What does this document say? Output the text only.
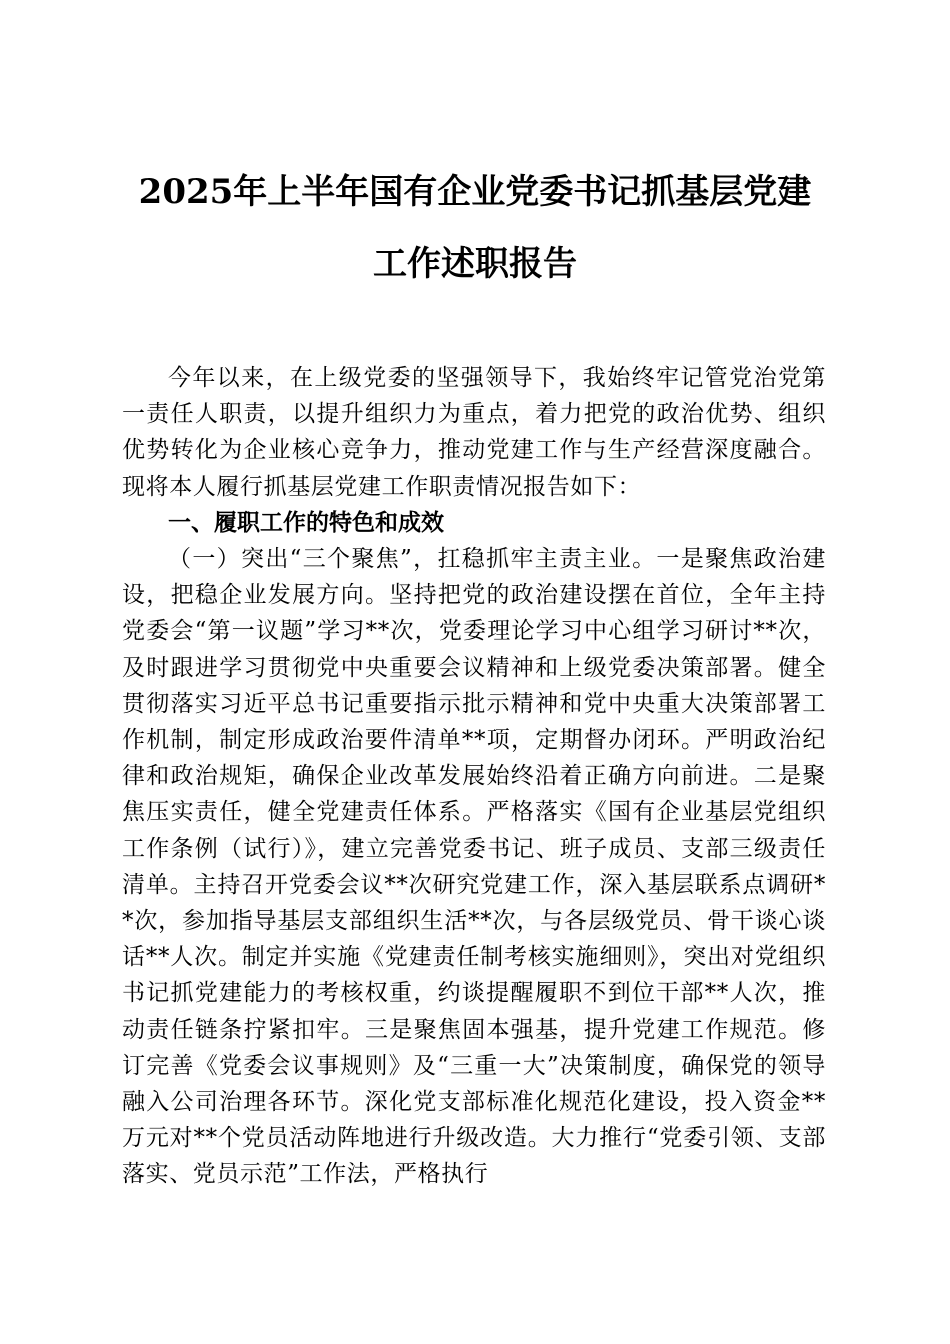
2025年上半年国有企业党委书记抓基层党建
工作述职报告

今年以来，在上级党委的坚强领导下，我始终牢记管党治党第一责任人职责，以提升组织力为重点，着力把党的政治优势、组织优势转化为企业核心竞争力，推动党建工作与生产经营深度融合。现将本人履行抓基层党建工作职责情况报告如下：

一、履职工作的特色和成效

（一）突出“三个聚焦”，扛稳抓牢主责主业。一是聚焦政治建设，把稳企业发展方向。坚持把党的政治建设摆在首位，全年主持党委会“第一议题”学习**次，党委理论学习中心组学习研讨**次，及时跟进学习贯彻党中央重要会议精神和上级党委决策部署。健全贯彻落实习近平总书记重要指示批示精神和党中央重大决策部署工作机制，制定形成政治要件清单**项，定期督办闭环。严明政治纪律和政治规矩，确保企业改革发展始终沿着正确方向前进。二是聚焦压实责任，健全党建责任体系。严格落实《国有企业基层党组织工作条例（试行）》，建立完善党委书记、班子成员、支部三级责任清单。主持召开党委会议**次研究党建工作，深入基层联系点调研**次，参加指导基层支部组织生活**次，与各层级党员、骨干谈心谈话**人次。制定并实施《党建责任制考核实施细则》，突出对党组织书记抓党建能力的考核权重，约谈提醒履职不到位干部**人次，推动责任链条拧紧扣牢。三是聚焦固本强基，提升党建工作规范。修订完善《党委会议事规则》及“三重一大”决策制度，确保党的领导融入公司治理各环节。深化党支部标准化规范化建设，投入资金**万元对**个党员活动阵地进行升级改造。大力推行“党委引领、支部落实、党员示范”工作法，严格执行
